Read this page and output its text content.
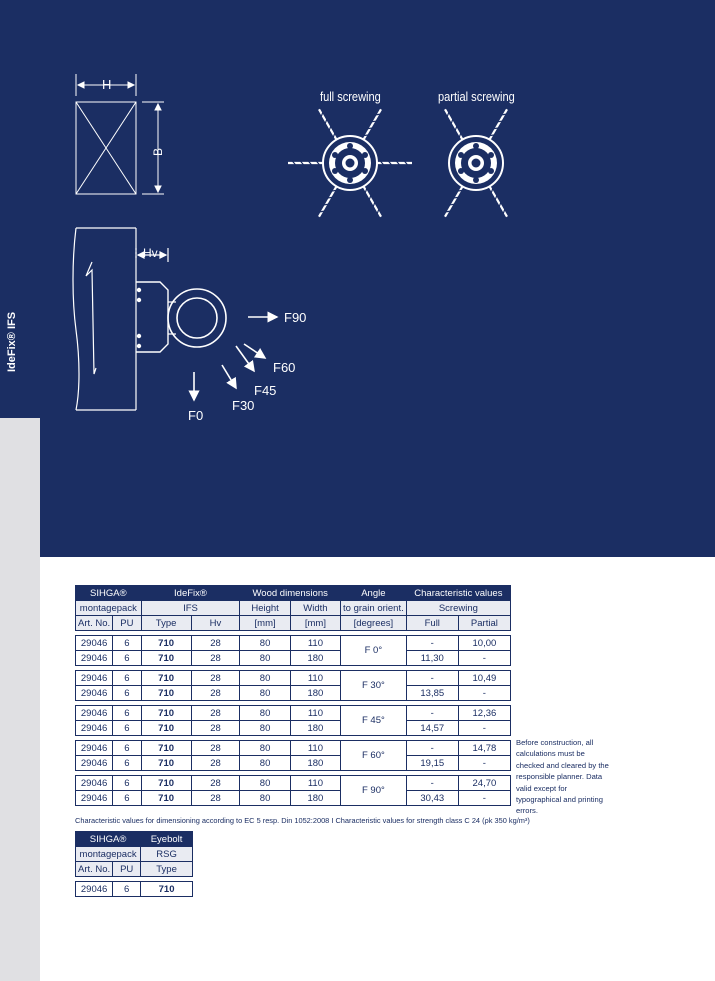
IdeFix® IFS
H
B
Hv
F90
F60
F45
F30
F0
full screwing	partial screwing
SIHGA®		IdeFix®		Wood dimensions		Angle	Characteristic values	
montagepack		IFS		Height	Width	to grain orient.	Screwing	
Art. No.	PU	Type	Hv	[mm]	[mm]	[degrees]	Full	Partial

29046	6	710	28	80	110	F 0°	-	10,00
29046	6	710	28	80	180		11,30	-

29046	6	710	28	80	110	F 30°	-	10,49
29046	6	710	28	80	180		13,85	-

29046	6	710	28	80	110	F 45°	-	12,36
29046	6	710	28	80	180		14,57	-

29046	6	710	28	80	110	F 60°	-	14,78
29046	6	710	28	80	180		19,15	-

29046	6	710	28	80	110	F 90°	-	24,70
29046	6	710	28	80	180		30,43	-
Characteristic values for dimensioning according to EC 5 resp. Din 1052:2008 I Characteristic values for strength class C 24 (ρk 350 kg/m³)
Before construction, all calculations must be checked and cleared by the responsible planner. Data valid except for typographical and printing errors.
SIHGA®		Eyebolt
montagepack		RSG
Art. No.	PU	Type

29046	6	710
